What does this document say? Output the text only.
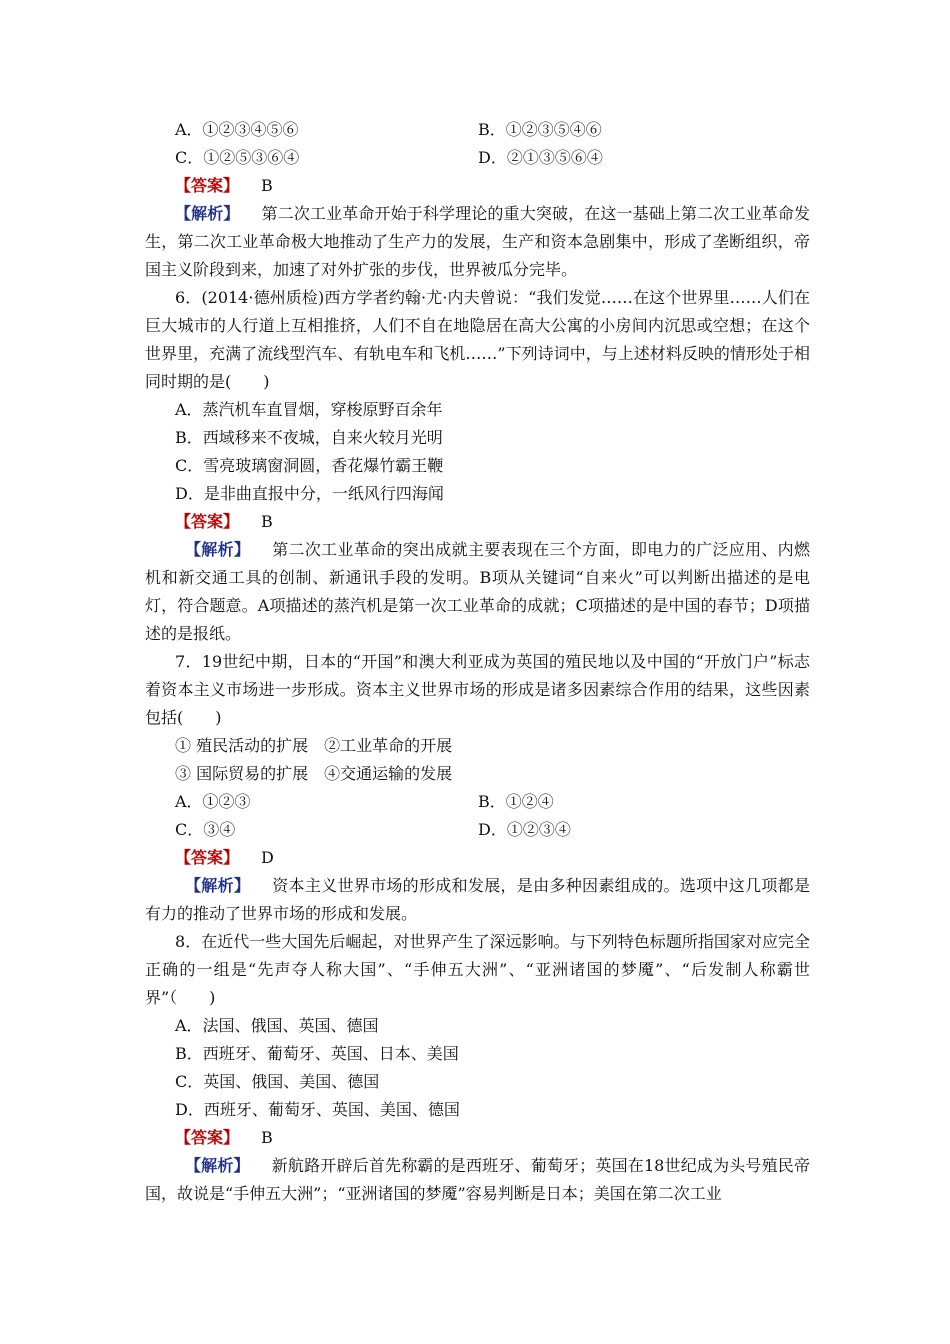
A．①②③④⑤⑥	B．①②③⑤④⑥
C．①②⑤③⑥④	D．②①③⑤⑥④
【答案】 B
【解析】 第二次工业革命开始于科学理论的重大突破，在这一基础上第二次工业革命发生，第二次工业革命极大地推动了生产力的发展，生产和资本急剧集中，形成了垄断组织，帝国主义阶段到来，加速了对外扩张的步伐，世界被瓜分完毕。
6．(2014·德州质检)西方学者约翰·尤·内夫曾说：“我们发觉……在这个世界里……人们在巨大城市的人行道上互相推挤，人们不自在地隐居在高大公寓的小房间内沉思或空想；在这个世界里，充满了流线型汽车、有轨电车和飞机……”下列诗词中，与上述材料反映的情形处于相同时期的是(　　)
A．蒸汽机车直冒烟，穿梭原野百余年
B．西域移来不夜城，自来火较月光明
C．雪亮玻璃窗洞圆，香花爆竹霸王鞭
D．是非曲直报中分，一纸风行四海闻
【答案】 B
【解析】 第二次工业革命的突出成就主要表现在三个方面，即电力的广泛应用、内燃机和新交通工具的创制、新通讯手段的发明。B项从关键词“自来火”可以判断出描述的是电灯，符合题意。A项描述的蒸汽机是第一次工业革命的成就；C项描述的是中国的春节；D项描述的是报纸。
7．19世纪中期，日本的“开国”和澳大利亚成为英国的殖民地以及中国的“开放门户”标志着资本主义市场进一步形成。资本主义世界市场的形成是诸多因素综合作用的结果，这些因素包括(　　)
① 殖民活动的扩展　②工业革命的开展
③ 国际贸易的扩展　④交通运输的发展
A．①②③	B．①②④
C．③④	D．①②③④
【答案】 D
【解析】 资本主义世界市场的形成和发展，是由多种因素组成的。选项中这几项都是有力的推动了世界市场的形成和发展。
8．在近代一些大国先后崛起，对世界产生了深远影响。与下列特色标题所指国家对应完全正确的一组是“先声夺人称大国”、“手伸五大洲”、“亚洲诸国的梦魇”、“后发制人称霸世界”（　　)
A．法国、俄国、英国、德国
B．西班牙、葡萄牙、英国、日本、美国
C．英国、俄国、美国、德国
D．西班牙、葡萄牙、英国、美国、德国
【答案】 B
【解析】 新航路开辟后首先称霸的是西班牙、葡萄牙；英国在18世纪成为头号殖民帝国，故说是“手伸五大洲”；“亚洲诸国的梦魇”容易判断是日本；美国在第二次工业
